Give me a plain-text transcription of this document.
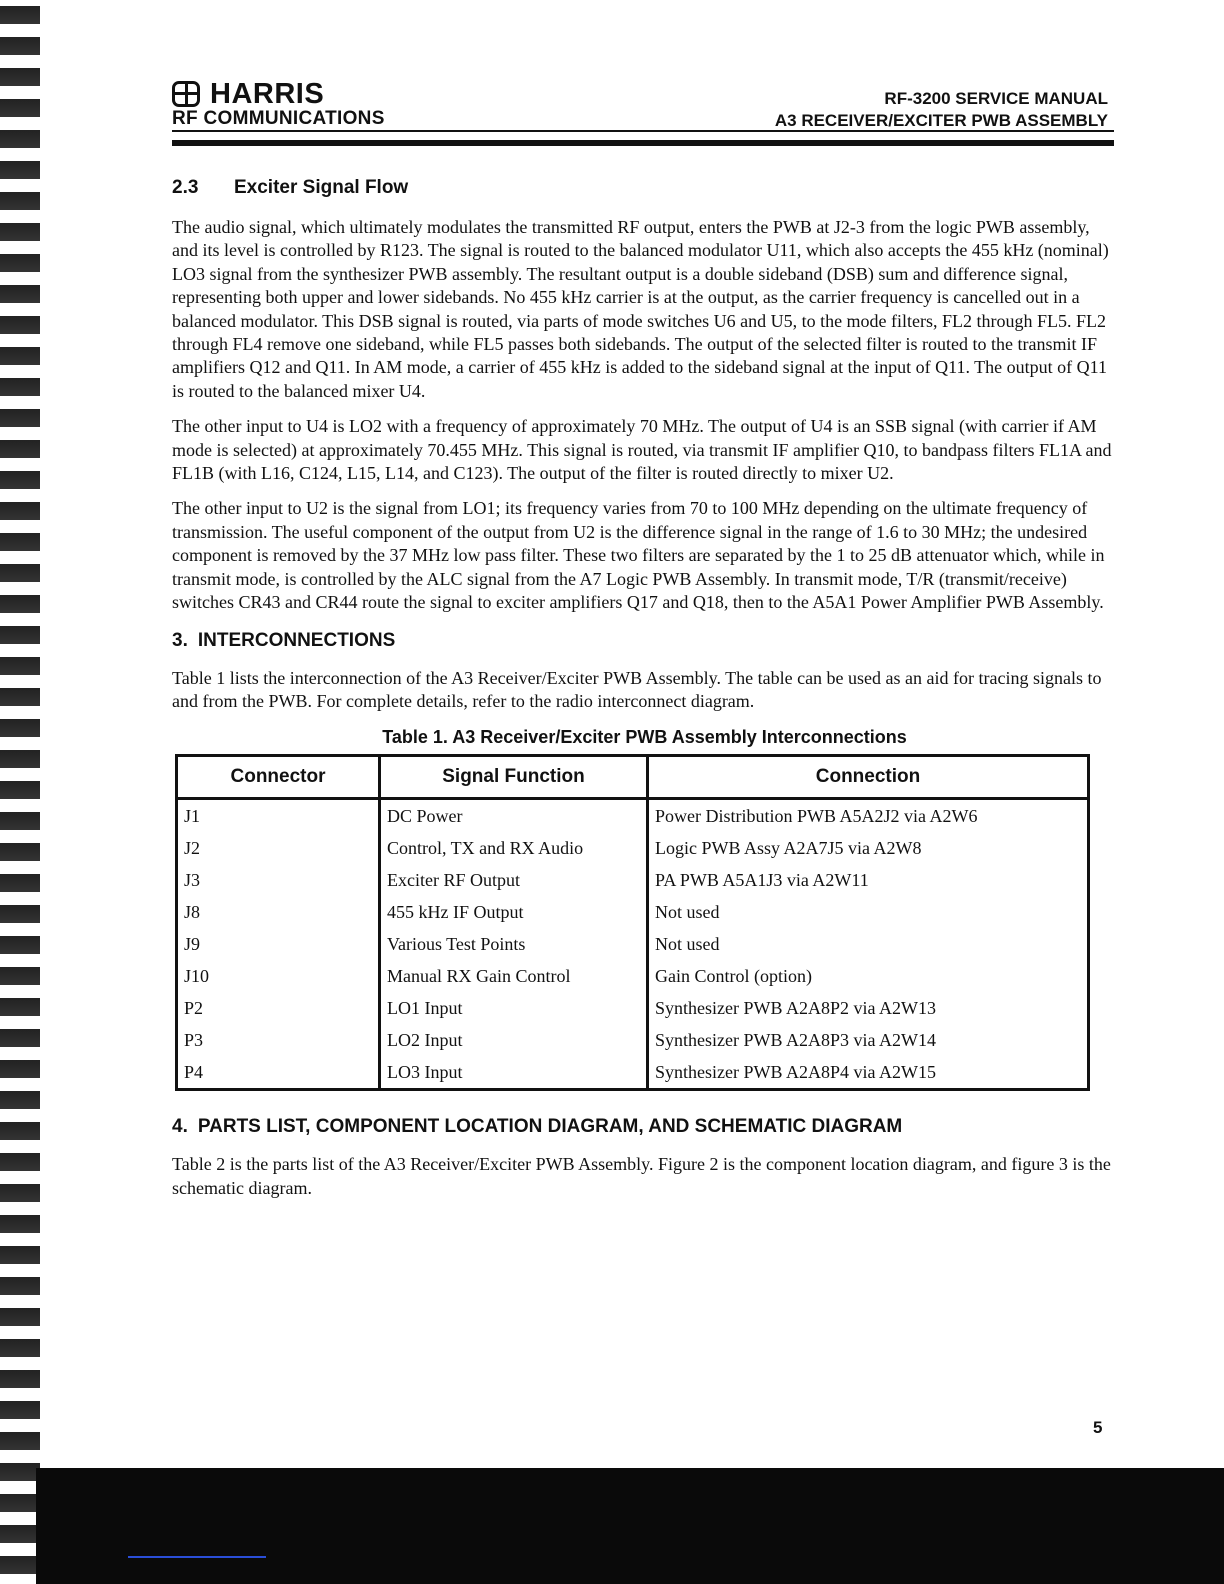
HARRIS
RF COMMUNICATIONS
RF-3200 SERVICE MANUAL
A3 RECEIVER/EXCITER PWB ASSEMBLY
2.3 Exciter Signal Flow

The audio signal, which ultimately modulates the transmitted RF output, enters the PWB at J2-3 from the logic PWB assembly, and its level is controlled by R123. The signal is routed to the balanced modulator U11, which also accepts the 455 kHz (nominal) LO3 signal from the synthesizer PWB assembly. The resultant output is a double sideband (DSB) sum and difference signal, representing both upper and lower sidebands. No 455 kHz carrier is at the output, as the carrier frequency is cancelled out in a balanced modulator. This DSB signal is routed, via parts of mode switches U6 and U5, to the mode filters, FL2 through FL5. FL2 through FL4 remove one sideband, while FL5 passes both sidebands. The output of the selected filter is routed to the transmit IF amplifiers Q12 and Q11. In AM mode, a carrier of 455 kHz is added to the sideband signal at the input of Q11. The output of Q11 is routed to the balanced mixer U4.

The other input to U4 is LO2 with a frequency of approximately 70 MHz. The output of U4 is an SSB signal (with carrier if AM mode is selected) at approximately 70.455 MHz. This signal is routed, via transmit IF amplifier Q10, to bandpass filters FL1A and FL1B (with L16, C124, L15, L14, and C123). The output of the filter is routed directly to mixer U2.

The other input to U2 is the signal from LO1; its frequency varies from 70 to 100 MHz depending on the ultimate frequency of transmission. The useful component of the output from U2 is the difference signal in the range of 1.6 to 30 MHz; the undesired component is removed by the 37 MHz low pass filter. These two filters are separated by the 1 to 25 dB attenuator which, while in transmit mode, is controlled by the ALC signal from the A7 Logic PWB Assembly. In transmit mode, T/R (transmit/receive) switches CR43 and CR44 route the signal to exciter amplifiers Q17 and Q18, then to the A5A1 Power Amplifier PWB Assembly.

3. INTERCONNECTIONS

Table 1 lists the interconnection of the A3 Receiver/Exciter PWB Assembly. The table can be used as an aid for tracing signals to and from the PWB. For complete details, refer to the radio interconnect diagram.

Table 1. A3 Receiver/Exciter PWB Assembly Interconnections
Connector	Signal Function	Connection
J1	DC Power	Power Distribution PWB A5A2J2 via A2W6
J2	Control, TX and RX Audio	Logic PWB Assy A2A7J5 via A2W8
J3	Exciter RF Output	PA PWB A5A1J3 via A2W11
J8	455 kHz IF Output	Not used
J9	Various Test Points	Not used
J10	Manual RX Gain Control	Gain Control (option)
P2	LO1 Input	Synthesizer PWB A2A8P2 via A2W13
P3	LO2 Input	Synthesizer PWB A2A8P3 via A2W14
P4	LO3 Input	Synthesizer PWB A2A8P4 via A2W15
4. PARTS LIST, COMPONENT LOCATION DIAGRAM, AND SCHEMATIC DIAGRAM

Table 2 is the parts list of the A3 Receiver/Exciter PWB Assembly. Figure 2 is the component location diagram, and figure 3 is the schematic diagram.

5
